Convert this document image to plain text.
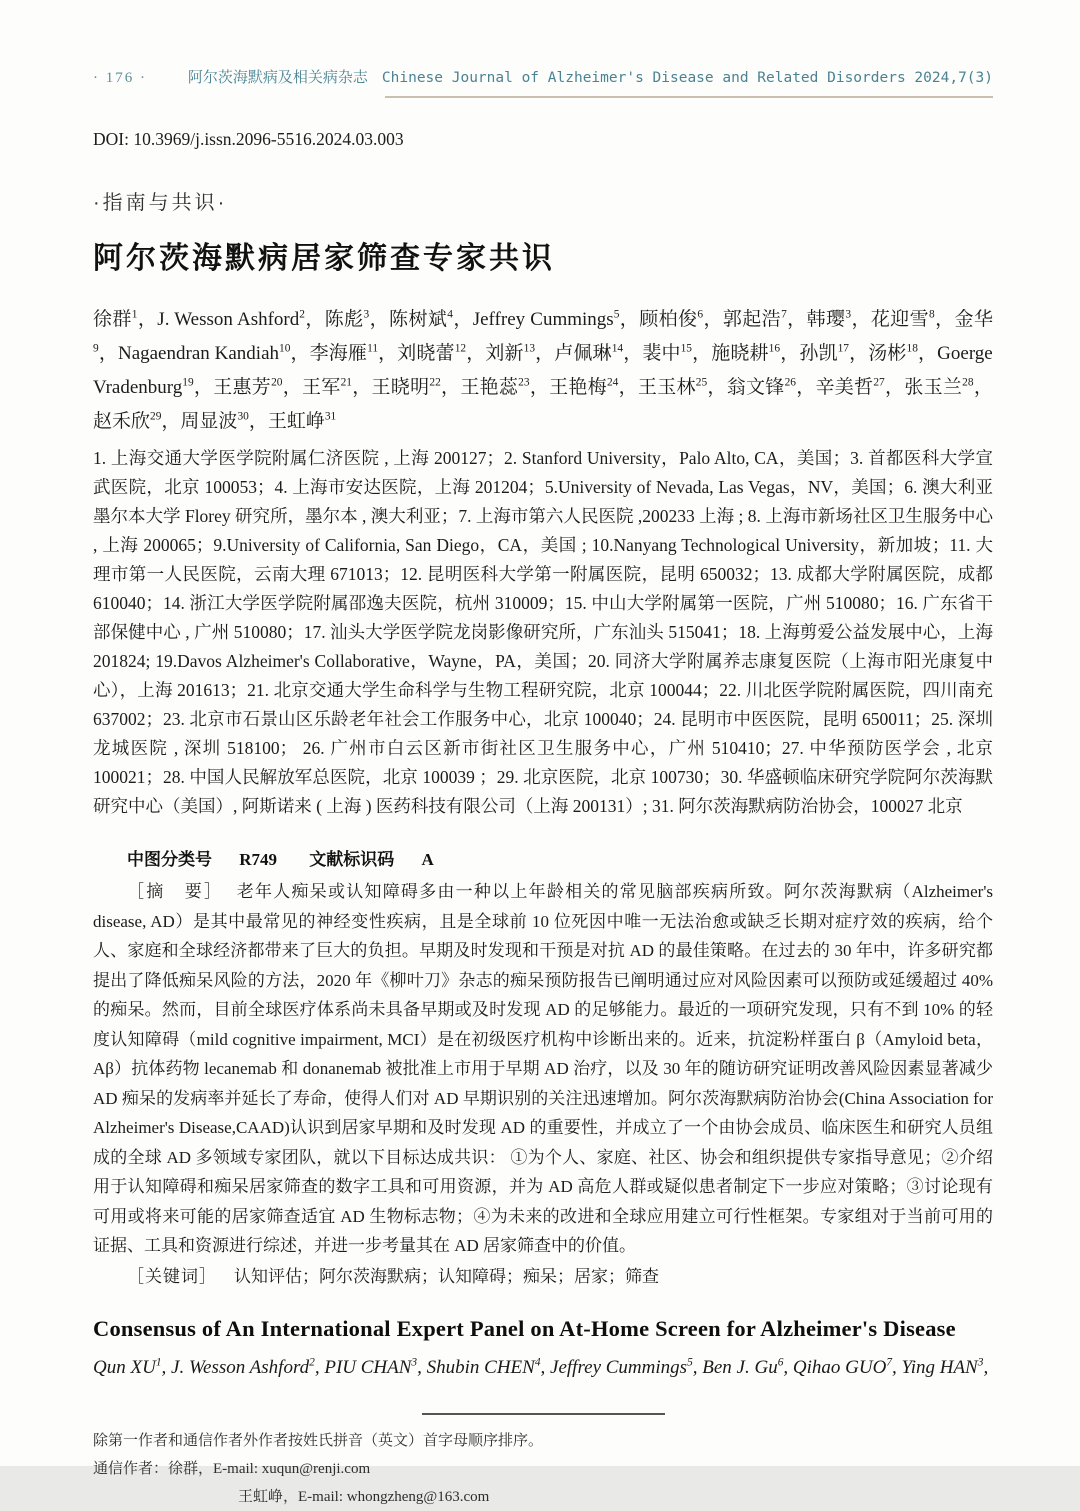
· 176 ·	阿尔茨海默病及相关病杂志 Chinese Journal of Alzheimer's Disease and Related Disorders 2024,7(3)
DOI: 10.3969/j.issn.2096-5516.2024.03.003
·指南与共识·
阿尔茨海默病居家筛查专家共识

徐群$^1$，J. Wesson Ashford$^2$，陈彪$^3$，陈树斌$^4$，Jeffrey Cummings$^5$，顾柏俊$^6$，郭起浩$^7$，韩璎$^3$，花迎雪$^8$，金华$^9$，Nagaendran Kandiah$^{10}$，李海雁$^{11}$，刘晓蕾$^{12}$，刘新$^{13}$，卢佩琳$^{14}$，裴中$^{15}$，施晓耕$^{16}$，孙凯$^{17}$，汤彬$^{18}$，Goerge Vradenburg$^{19}$，王惠芳$^{20}$，王军$^{21}$，王晓明$^{22}$，王艳蕊$^{23}$，王艳梅$^{24}$，王玉林$^{25}$，翁文锋$^{26}$，辛美哲$^{27}$，张玉兰$^{28}$，赵禾欣$^{29}$，周显波$^{30}$，王虹峥$^{31}$

1. 上海交通大学医学院附属仁济医院 , 上海 200127；2. Stanford University，Palo Alto, CA，美国；3. 首都医科大学宣武医院，北京 100053；4. 上海市安达医院，上海 201204；5.University of Nevada, Las Vegas，NV，美国；6. 澳大利亚墨尔本大学 Florey 研究所，墨尔本 , 澳大利亚；7. 上海市第六人民医院 ,200233 上海 ; 8. 上海市新场社区卫生服务中心 , 上海 200065；9.University of California, San Diego，CA，美国 ; 10.Nanyang Technological University，新加坡；11. 大理市第一人民医院，云南大理 671013；12. 昆明医科大学第一附属医院，昆明 650032；13. 成都大学附属医院，成都 610040；14. 浙江大学医学院附属邵逸夫医院，杭州 310009；15. 中山大学附属第一医院，广州 510080；16. 广东省干部保健中心 , 广州 510080；17. 汕头大学医学院龙岗影像研究所，广东汕头 515041；18. 上海剪爱公益发展中心，上海 201824; 19.Davos Alzheimer's Collaborative，Wayne，PA，美国；20. 同济大学附属养志康复医院（上海市阳光康复中心），上海 201613；21. 北京交通大学生命科学与生物工程研究院，北京 100044；22. 川北医学院附属医院，四川南充 637002；23. 北京市石景山区乐龄老年社会工作服务中心，北京 100040；24. 昆明市中医医院，昆明 650011；25. 深圳龙城医院 , 深圳 518100； 26. 广州市白云区新市街社区卫生服务中心，广州 510410；27. 中华预防医学会 , 北京 100021；28. 中国人民解放军总医院，北京 100039 ；29. 北京医院，北京 100730；30. 华盛顿临床研究学院阿尔茨海默研究中心（美国）, 阿斯诺来 ( 上海 ) 医药科技有限公司（上海 200131）; 31. 阿尔茨海默病防治协会，100027 北京

中图分类号 R749 文献标识码 A

［摘　要］ 老年人痴呆或认知障碍多由一种以上年龄相关的常见脑部疾病所致。阿尔茨海默病（Alzheimer's disease, AD）是其中最常见的神经变性疾病，且是全球前 10 位死因中唯一无法治愈或缺乏长期对症疗效的疾病，给个人、家庭和全球经济都带来了巨大的负担。早期及时发现和干预是对抗 AD 的最佳策略。在过去的 30 年中，许多研究都提出了降低痴呆风险的方法，2020 年《柳叶刀》杂志的痴呆预防报告已阐明通过应对风险因素可以预防或延缓超过 40% 的痴呆。然而，目前全球医疗体系尚未具备早期或及时发现 AD 的足够能力。最近的一项研究发现，只有不到 10% 的轻度认知障碍（mild cognitive impairment, MCI）是在初级医疗机构中诊断出来的。近来，抗淀粉样蛋白 β（Amyloid beta，Aβ）抗体药物 lecanemab 和 donanemab 被批准上市用于早期 AD 治疗，以及 30 年的随访研究证明改善风险因素显著减少 AD 痴呆的发病率并延长了寿命，使得人们对 AD 早期识别的关注迅速增加。阿尔茨海默病防治协会(China Association for Alzheimer's Disease,CAAD)认识到居家早期和及时发现 AD 的重要性，并成立了一个由协会成员、临床医生和研究人员组成的全球 AD 多领域专家团队，就以下目标达成共识： ①为个人、家庭、社区、协会和组织提供专家指导意见；②介绍用于认知障碍和痴呆居家筛查的数字工具和可用资源，并为 AD 高危人群或疑似患者制定下一步应对策略；③讨论现有可用或将来可能的居家筛查适宜 AD 生物标志物；④为未来的改进和全球应用建立可行性框架。专家组对于当前可用的证据、工具和资源进行综述，并进一步考量其在 AD 居家筛查中的价值。

［关键词］ 认知评估；阿尔茨海默病；认知障碍；痴呆；居家；筛查
Consensus of An International Expert Panel on At-Home Screen for Alzheimer's Disease

Qun $XU^1$, J. Wesson Ashford$^2$, PIU CHAN$^3$, Shubin CHEN$^4$, Jeffrey Cummings$^5$, Ben J. Gu$^6$, Qihao GUO$^7$, Ying HAN$^3$,

除第一作者和通信作者外作者按姓氏拼音（英文）首字母顺序排序。
通信作者：徐群，E-mail: xuqun@renji.com
王虹峥，E-mail: whongzheng@163.com
